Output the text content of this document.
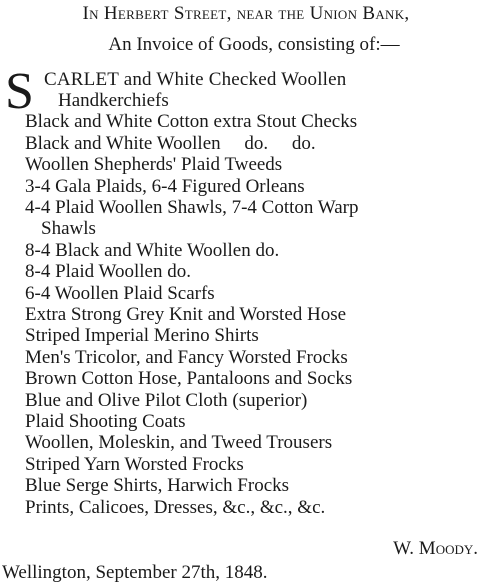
In Herbert Street, near the Union Bank,
An Invoice of Goods, consisting of:—
S CARLET and White Checked Woollen
Handkerchiefs
Black and White Cotton extra Stout Checks
Black and White Woollen     do.     do.
Woollen Shepherds' Plaid Tweeds
3-4 Gala Plaids, 6-4 Figured Orleans
4-4 Plaid Woollen Shawls, 7-4 Cotton Warp
Shawls
8-4 Black and White Woollen do.
8-4 Plaid Woollen do.
6-4 Woollen Plaid Scarfs
Extra Strong Grey Knit and Worsted Hose
Striped Imperial Merino Shirts
Men's Tricolor, and Fancy Worsted Frocks
Brown Cotton Hose, Pantaloons and Socks
Blue and Olive Pilot Cloth (superior)
Plaid Shooting Coats
Woollen, Moleskin, and Tweed Trousers
Striped Yarn Worsted Frocks
Blue Serge Shirts, Harwich Frocks
Prints, Calicoes, Dresses, &c., &c., &c.
W. Moody.
Wellington, September 27th, 1848.
